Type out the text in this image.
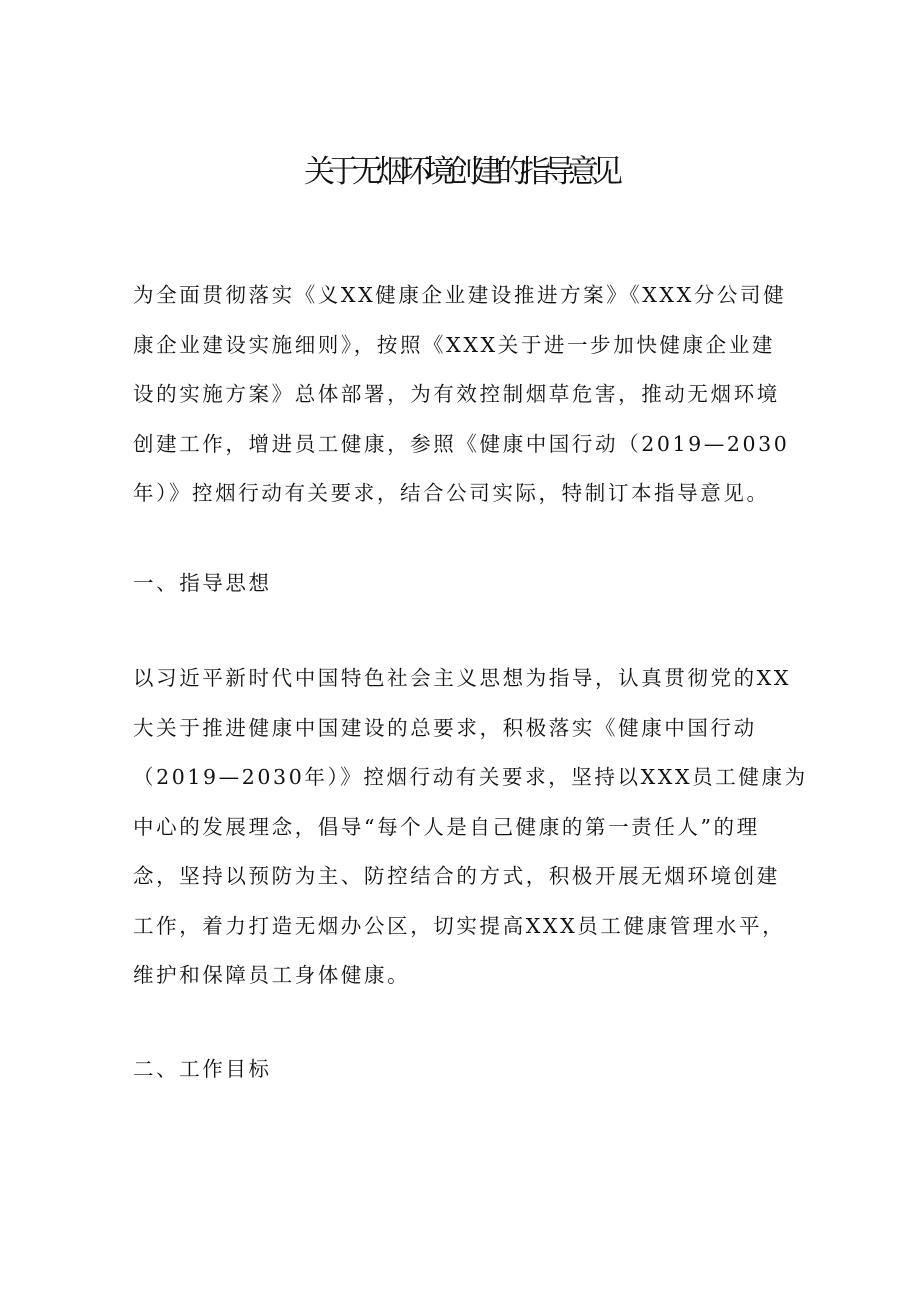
关于无烟环境创建的指导意见
为全面贯彻落实《义XX健康企业建设推进方案》《XXX分公司健
康企业建设实施细则》，按照《XXX关于进一步加快健康企业建
设的实施方案》总体部署，为有效控制烟草危害，推动无烟环境
创建工作，增进员工健康，参照《健康中国行动（2019—2030
年）》控烟行动有关要求，结合公司实际，特制订本指导意见。
一、指导思想
以习近平新时代中国特色社会主义思想为指导，认真贯彻党的XX
大关于推进健康中国建设的总要求，积极落实《健康中国行动
（2019—2030年）》控烟行动有关要求，坚持以XXX员工健康为
中心的发展理念，倡导“每个人是自己健康的第一责任人”的理
念，坚持以预防为主、防控结合的方式，积极开展无烟环境创建
工作，着力打造无烟办公区，切实提高XXX员工健康管理水平，
维护和保障员工身体健康。
二、工作目标
